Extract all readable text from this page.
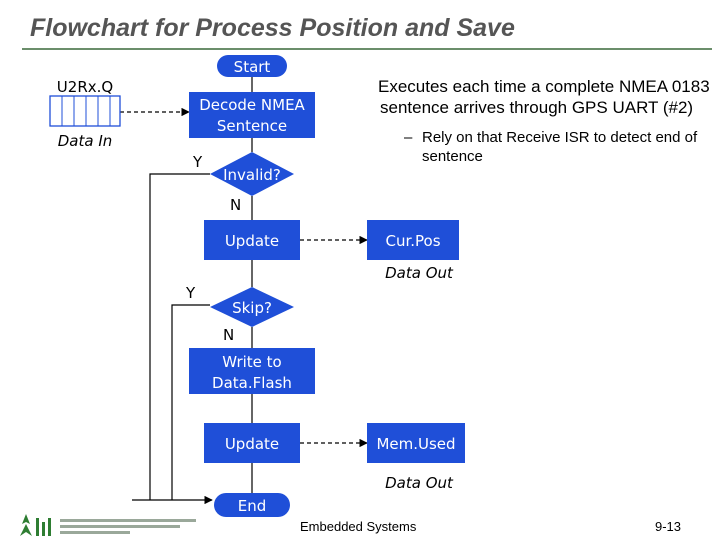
Flowchart for Process Position and Save
U2Rx.Q
Data In
Start
Decode NMEA
Sentence
Invalid?
Y
N
Update	Cur.Pos
Data Out
Skip?
Y
N
Write to
Data.Flash
Update	Mem.Used
Data Out
End
Executes each time a complete NMEA 0183 sentence arrives through GPS UART (#2)
– Rely on that Receive ISR to detect end of sentence
Embedded Systems	9-13
